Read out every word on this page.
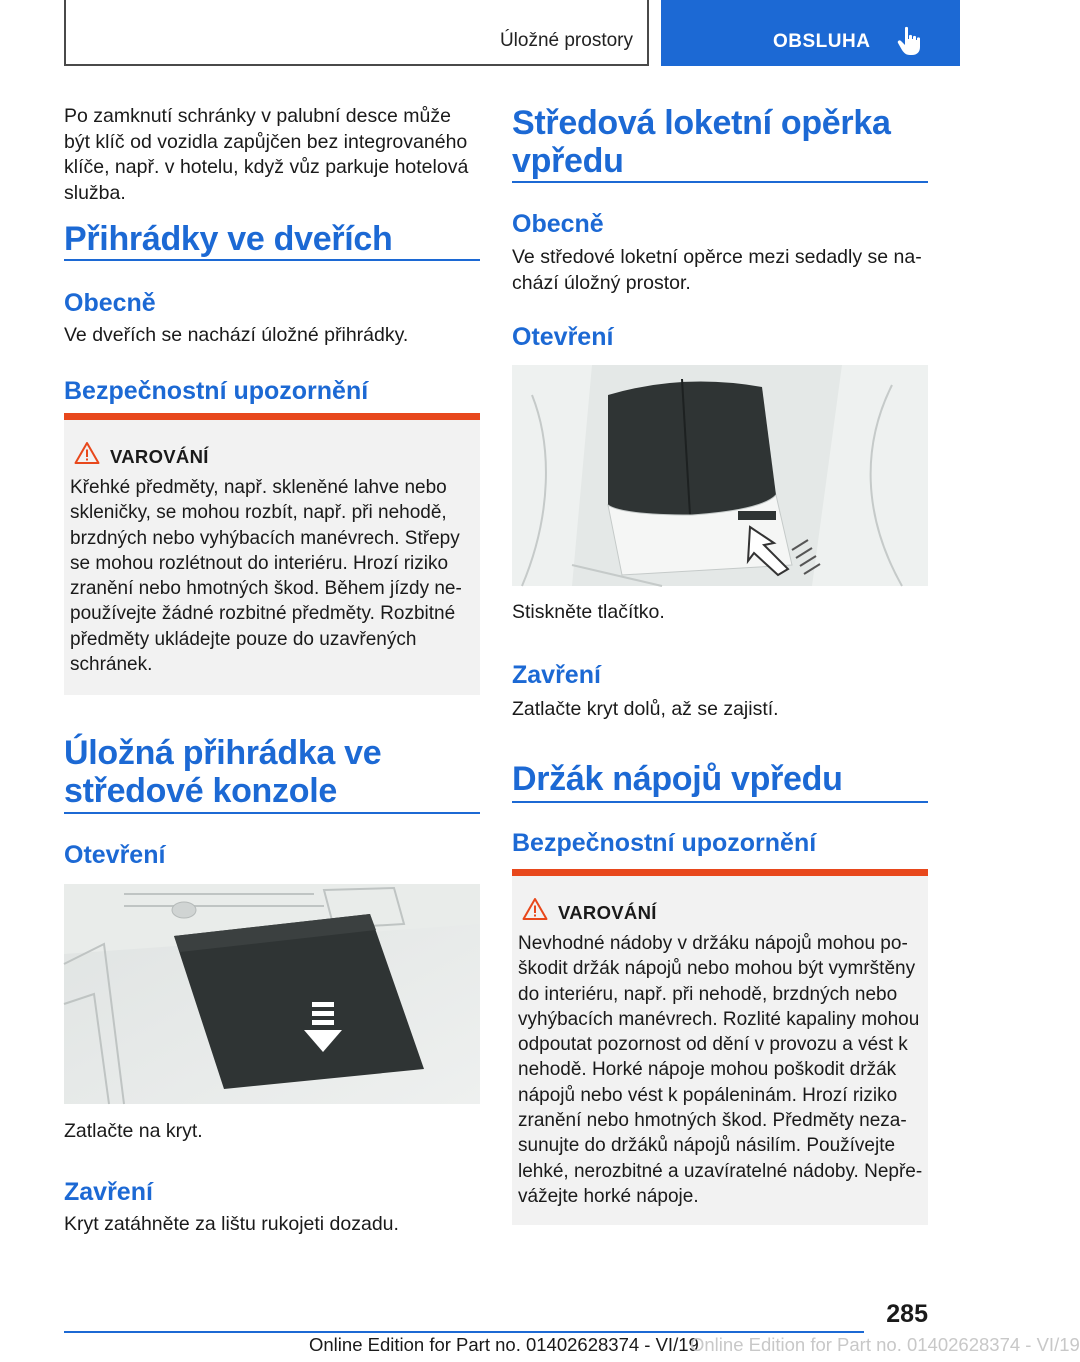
Úložné prostory	OBSLUHA

Po zamknutí schránky v palubní desce může být klíč od vozidla zapůjčen bez integrovaného klíče, např. v hotelu, když vůz parkuje hotelová služba.

Přihrádky ve dveřích
Obecně

Ve dveřích se nachází úložné přihrádky.

Bezpečnostní upozornění
VAROVÁNÍ
Křehké předměty, např. skleněné lahve nebo
skleničky, se mohou rozbít, např. při nehodě,
brzdných nebo vyhýbacích manévrech. Střepy
se mohou rozlétnout do interiéru. Hrozí riziko
zranění nebo hmotných škod. Během jízdy ne-
používejte žádné rozbitné předměty. Rozbitné
předměty ukládejte pouze do uzavřených
schránek.
Úložná přihrádka ve
středové konzole
Otevření

Zatlačte na kryt.

Zavření

Kryt zatáhněte za lištu rukojeti dozadu.

Středová loketní opěrka
vpředu
Obecně
Ve středové loketní opěrce mezi sedadly se na-
chází úložný prostor.
Otevření

Stiskněte tlačítko.

Zavření

Zatlačte kryt dolů, až se zajistí.

Držák nápojů vpředu
Bezpečnostní upozornění
VAROVÁNÍ
Nevhodné nádoby v držáku nápojů mohou po-
škodit držák nápojů nebo mohou být vymrštěny
do interiéru, např. při nehodě, brzdných nebo
vyhýbacích manévrech. Rozlité kapaliny mohou
odpoutat pozornost od dění v provozu a vést k
nehodě. Horké nápoje mohou poškodit držák
nápojů nebo vést k popáleninám. Hrozí riziko
zranění nebo hmotných škod. Předměty neza-
sunujte do držáků nápojů násilím. Používejte
lehké, nerozbitné a uzavíratelné nádoby. Nepře-
vážejte horké nápoje.
285
Online Edition for Part no. 01402628374 - VI/19
Online Edition for Part no. 01402628374 - VI/19
